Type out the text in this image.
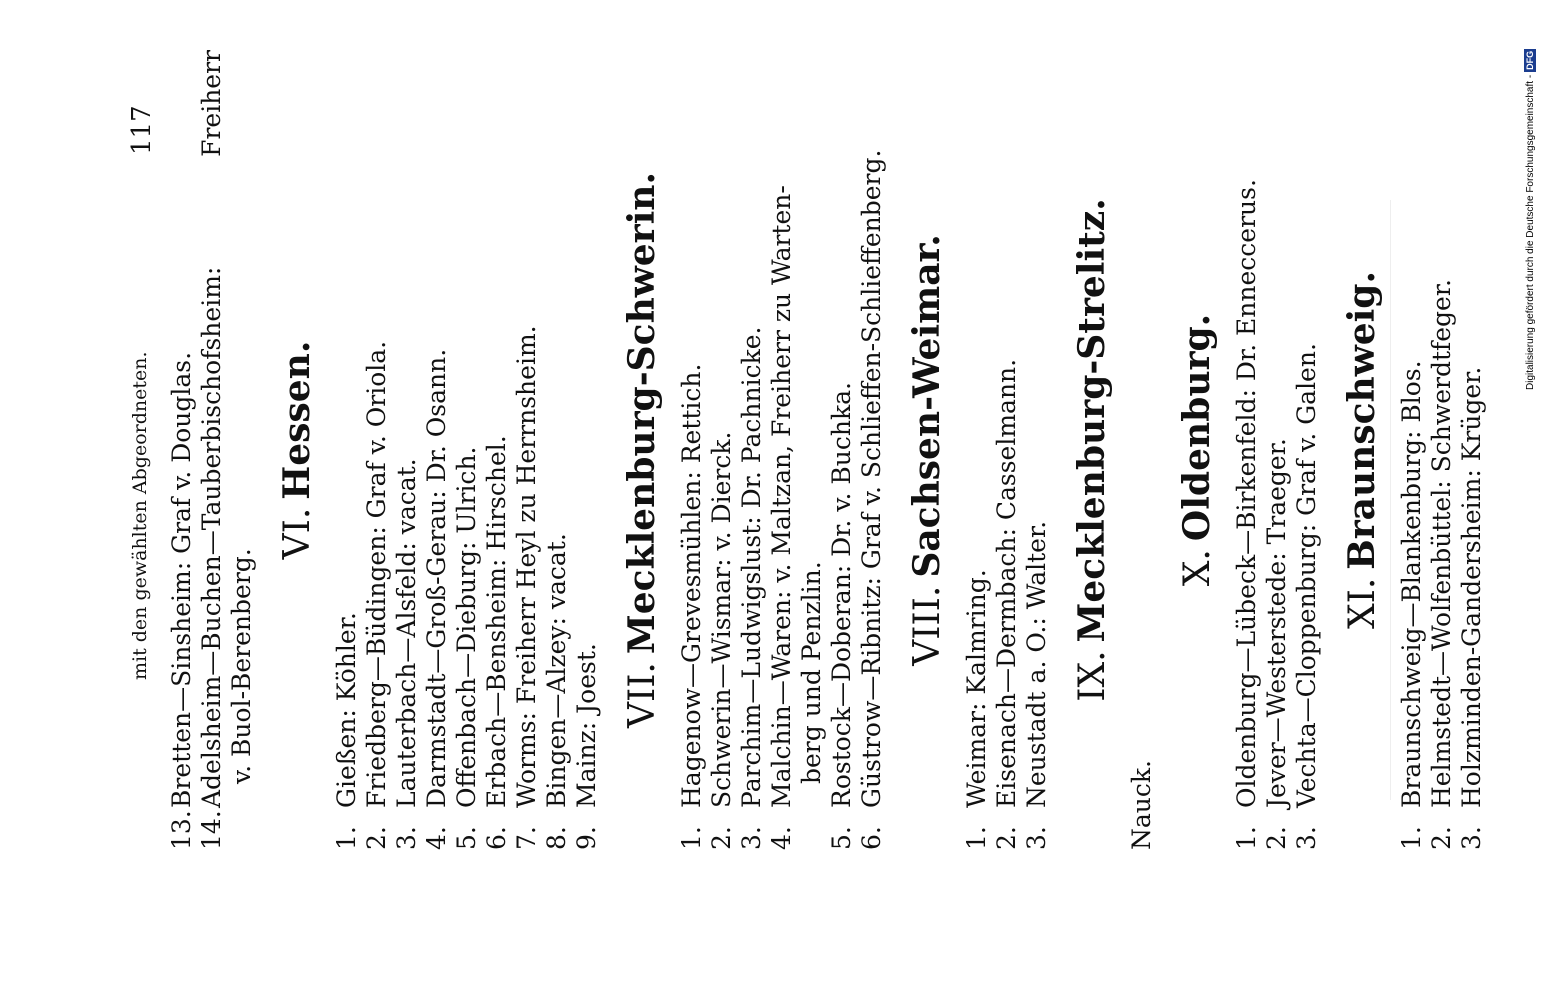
mit den gewählten Abgeordneten.
117
13.Bretten—Sinsheim: Graf v. Douglas.
14.Adelsheim—Buchen—Tauberbischofsheim:
Freiherr
v. Buol-Berenberg.
VI.Hessen.
1.Gießen: Köhler.
2.Friedberg—Büdingen: Graf v. Oriola.
3.Lauterbach—Alsfeld: vacat.
4.Darmstadt—Groß-Gerau: Dr. Osann.
5.Offenbach—Dieburg: Ulrich.
6.Erbach—Bensheim: Hirschel.
7.Worms: Freiherr Heyl zu Herrnsheim.
8.Bingen—Alzey: vacat.
9.Mainz: Joest. VII.Mecklenburg-Schwerin.
1.Hagenow—Grevesmühlen: Rettich.
2.Schwerin—Wismar: v. Dierck.
3.Parchim—Ludwigslust: Dr. Pachnicke.
4.Malchin—Waren: v. Maltzan, Freiherr zu Warten- berg und Penzlin.
5.Rostock—Doberan: Dr. v. Buchka.
6.Güstrow—Ribnitz: Graf v. Schlieffen-Schlieffenberg. VIII.Sachsen-Weimar.
1.Weimar: Kalmring.
2.Eisenach—Dermbach: Casselmann.
3.Neustadt a. O.: Walter. IX.Mecklenburg-Strelitz.
Nauck.
X.Oldenburg.
1.Oldenburg—Lübeck—Birkenfeld: Dr. Enneccerus.
2.Jever—Westerstede: Traeger.
3.Vechta—Cloppenburg: Graf v. Galen. XI.Braunschweig.
1.Braunschweig—Blankenburg: Blos.
2.Helmstedt—Wolfenbüttel: Schwerdtfeger.
3.Holzminden-Gandersheim: Krüger.
Digitalisierung gefördert durch die Deutsche Forschungsgemeinschaft -
DFG
